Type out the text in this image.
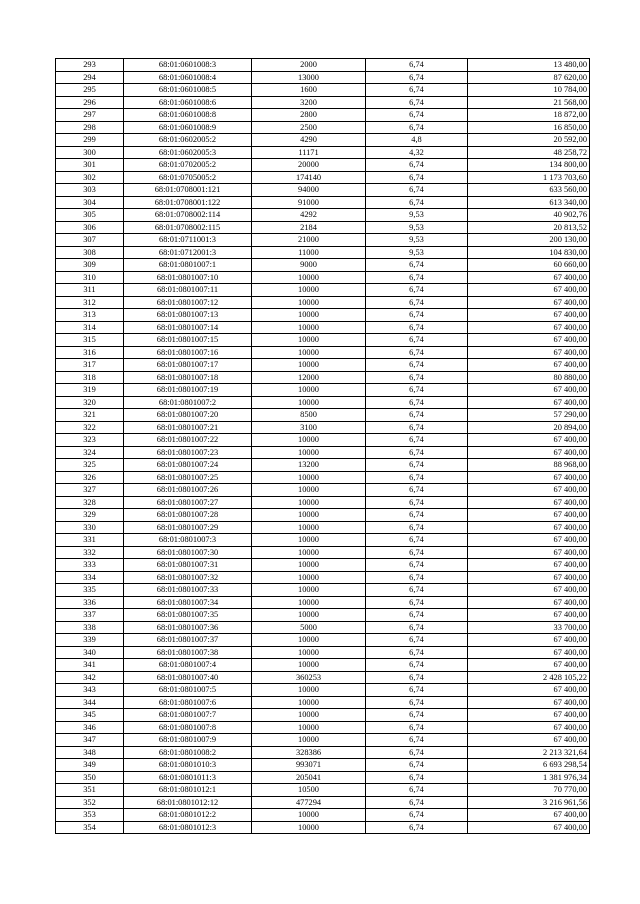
293	68:01:0601008:3	2000	6,74	13 480,00
294	68:01:0601008:4	13000	6,74	87 620,00
295	68:01:0601008:5	1600	6,74	10 784,00
296	68:01:0601008:6	3200	6,74	21 568,00
297	68:01:0601008:8	2800	6,74	18 872,00
298	68:01:0601008:9	2500	6,74	16 850,00
299	68:01:0602005:2	4290	4,8	20 592,00
300	68:01:0602005:3	11171	4,32	48 258,72
301	68:01:0702005:2	20000	6,74	134 800,00
302	68:01:0705005:2	174140	6,74	1 173 703,60
303	68:01:0708001:121	94000	6,74	633 560,00
304	68:01:0708001:122	91000	6,74	613 340,00
305	68:01:0708002:114	4292	9,53	40 902,76
306	68:01:0708002:115	2184	9,53	20 813,52
307	68:01:0711001:3	21000	9,53	200 130,00
308	68:01:0712001:3	11000	9,53	104 830,00
309	68:01:0801007:1	9000	6,74	60 660,00
310	68:01:0801007:10	10000	6,74	67 400,00
311	68:01:0801007:11	10000	6,74	67 400,00
312	68:01:0801007:12	10000	6,74	67 400,00
313	68:01:0801007:13	10000	6,74	67 400,00
314	68:01:0801007:14	10000	6,74	67 400,00
315	68:01:0801007:15	10000	6,74	67 400,00
316	68:01:0801007:16	10000	6,74	67 400,00
317	68:01:0801007:17	10000	6,74	67 400,00
318	68:01:0801007:18	12000	6,74	80 880,00
319	68:01:0801007:19	10000	6,74	67 400,00
320	68:01:0801007:2	10000	6,74	67 400,00
321	68:01:0801007:20	8500	6,74	57 290,00
322	68:01:0801007:21	3100	6,74	20 894,00
323	68:01:0801007:22	10000	6,74	67 400,00
324	68:01:0801007:23	10000	6,74	67 400,00
325	68:01:0801007:24	13200	6,74	88 968,00
326	68:01:0801007:25	10000	6,74	67 400,00
327	68:01:0801007:26	10000	6,74	67 400,00
328	68:01:0801007:27	10000	6,74	67 400,00
329	68:01:0801007:28	10000	6,74	67 400,00
330	68:01:0801007:29	10000	6,74	67 400,00
331	68:01:0801007:3	10000	6,74	67 400,00
332	68:01:0801007:30	10000	6,74	67 400,00
333	68:01:0801007:31	10000	6,74	67 400,00
334	68:01:0801007:32	10000	6,74	67 400,00
335	68:01:0801007:33	10000	6,74	67 400,00
336	68:01:0801007:34	10000	6,74	67 400,00
337	68:01:0801007:35	10000	6,74	67 400,00
338	68:01:0801007:36	5000	6,74	33 700,00
339	68:01:0801007:37	10000	6,74	67 400,00
340	68:01:0801007:38	10000	6,74	67 400,00
341	68:01:0801007:4	10000	6,74	67 400,00
342	68:01:0801007:40	360253	6,74	2 428 105,22
343	68:01:0801007:5	10000	6,74	67 400,00
344	68:01:0801007:6	10000	6,74	67 400,00
345	68:01:0801007:7	10000	6,74	67 400,00
346	68:01:0801007:8	10000	6,74	67 400,00
347	68:01:0801007:9	10000	6,74	67 400,00
348	68:01:0801008:2	328386	6,74	2 213 321,64
349	68:01:0801010:3	993071	6,74	6 693 298,54
350	68:01:0801011:3	205041	6,74	1 381 976,34
351	68:01:0801012:1	10500	6,74	70 770,00
352	68:01:0801012:12	477294	6,74	3 216 961,56
353	68:01:0801012:2	10000	6,74	67 400,00
354	68:01:0801012:3	10000	6,74	67 400,00
